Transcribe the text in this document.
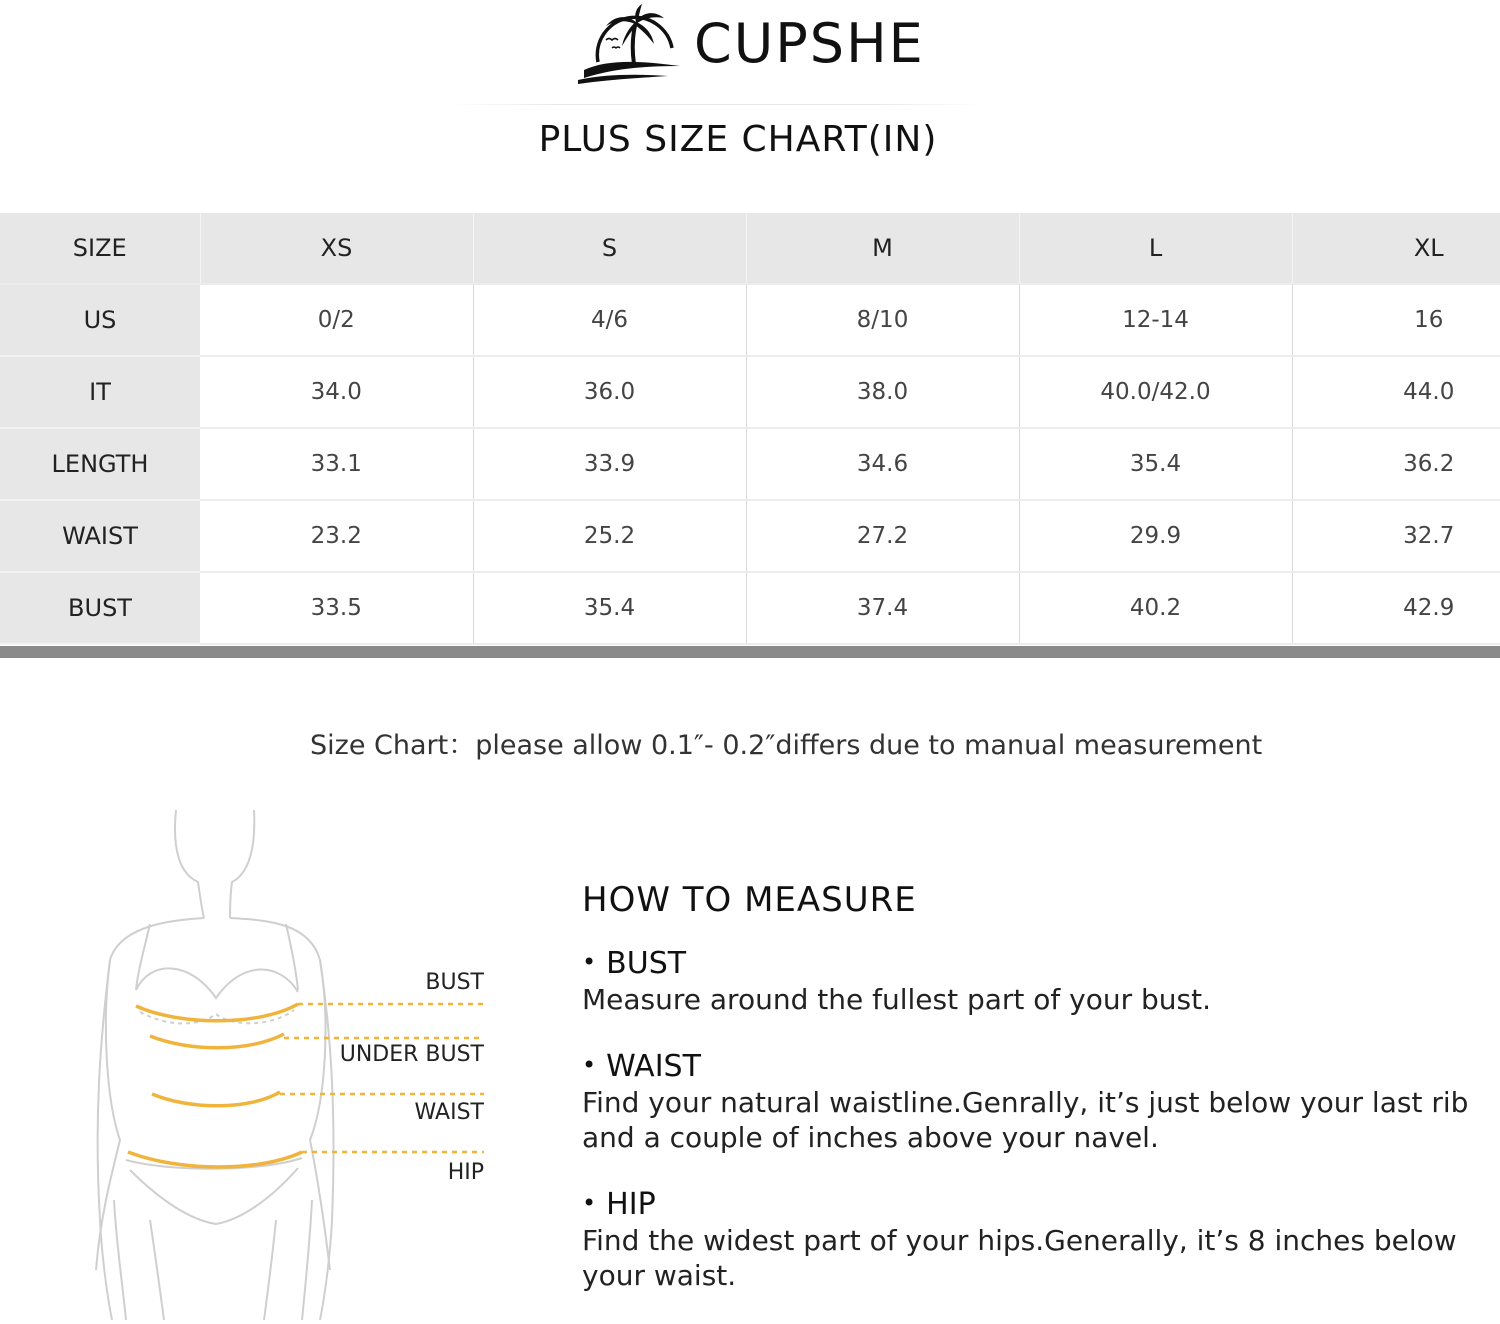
CUPSHE
PLUS SIZE CHART(IN)
SIZE	XS	S	M	L	XL
US	0/2	4/6	8/10	12-14	16
IT	34.0	36.0	38.0	40.0/42.0	44.0
LENGTH	33.1	33.9	34.6	35.4	36.2
WAIST	23.2	25.2	27.2	29.9	32.7
BUST	33.5	35.4	37.4	40.2	42.9
Size Chart：please allow 0.1″- 0.2″differs due to manual measurement
BUST
UNDER BUST
WAIST
HIP
HOW TO MEASURE
• BUST
Measure around the fullest part of your bust.
• WAIST
Find your natural waistline.Genrally, it’s just below your last rib and a couple of inches above your navel.
• HIP
Find the widest part of your hips.Generally, it’s 8 inches below your waist.
